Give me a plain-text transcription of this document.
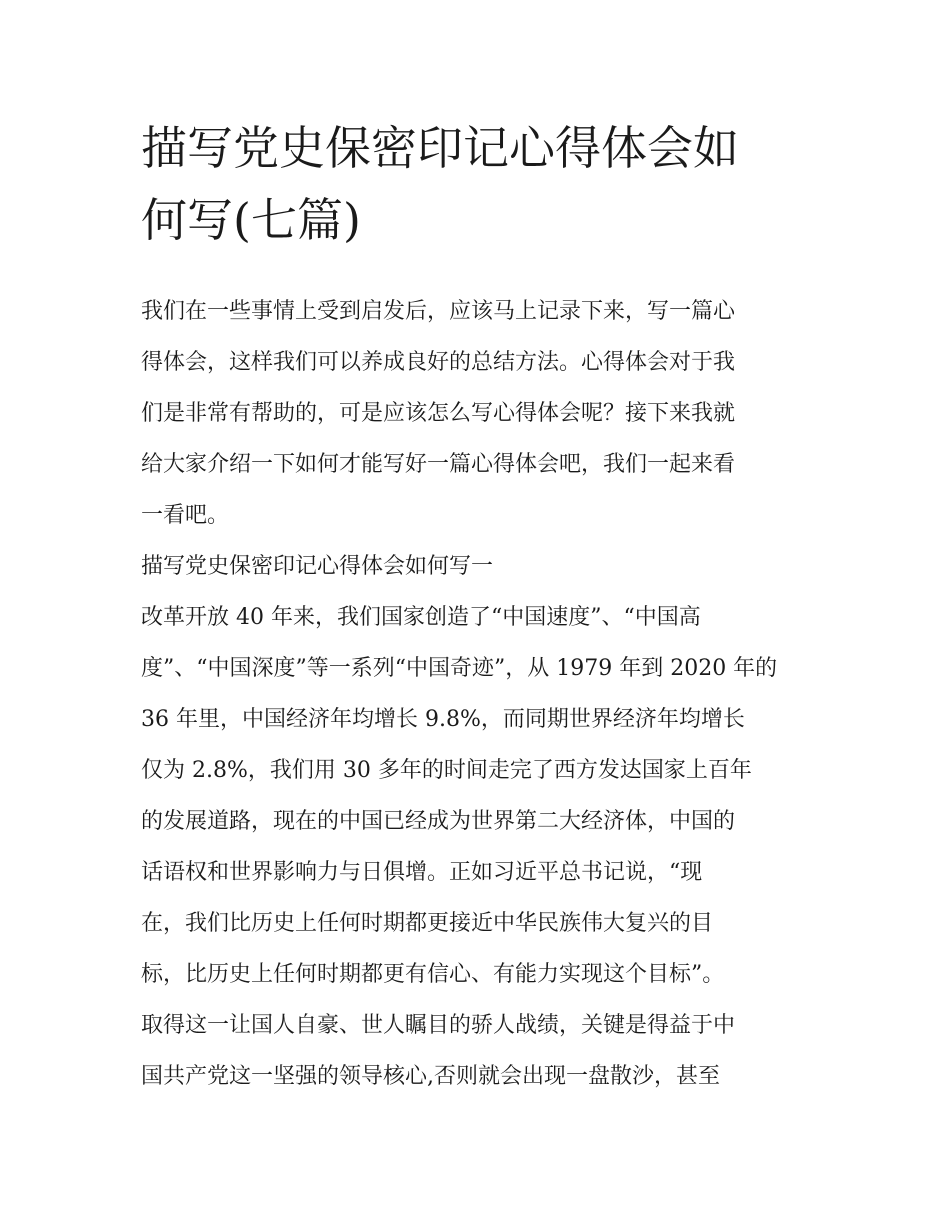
描写党史保密印记心得体会如
何写(七篇)

我们在一些事情上受到启发后，应该马上记录下来，写一篇心
得体会，这样我们可以养成良好的总结方法。心得体会对于我
们是非常有帮助的，可是应该怎么写心得体会呢？接下来我就
给大家介绍一下如何才能写好一篇心得体会吧，我们一起来看
一看吧。

描写党史保密印记心得体会如何写一

改革开放 40 年来，我们国家创造了“中国速度”、“中国高
度”、“中国深度”等一系列“中国奇迹”，从 1979 年到 2020 年的
36 年里，中国经济年均增长 9.8%，而同期世界经济年均增长
仅为 2.8%，我们用 30 多年的时间走完了西方发达国家上百年
的发展道路，现在的中国已经成为世界第二大经济体，中国的
话语权和世界影响力与日俱增。正如习近平总书记说，“现
在，我们比历史上任何时期都更接近中华民族伟大复兴的目
标，比历史上任何时期都更有信心、有能力实现这个目标”。
取得这一让国人自豪、世人瞩目的骄人战绩，关键是得益于中
国共产党这一坚强的领导核心,否则就会出现一盘散沙，甚至
